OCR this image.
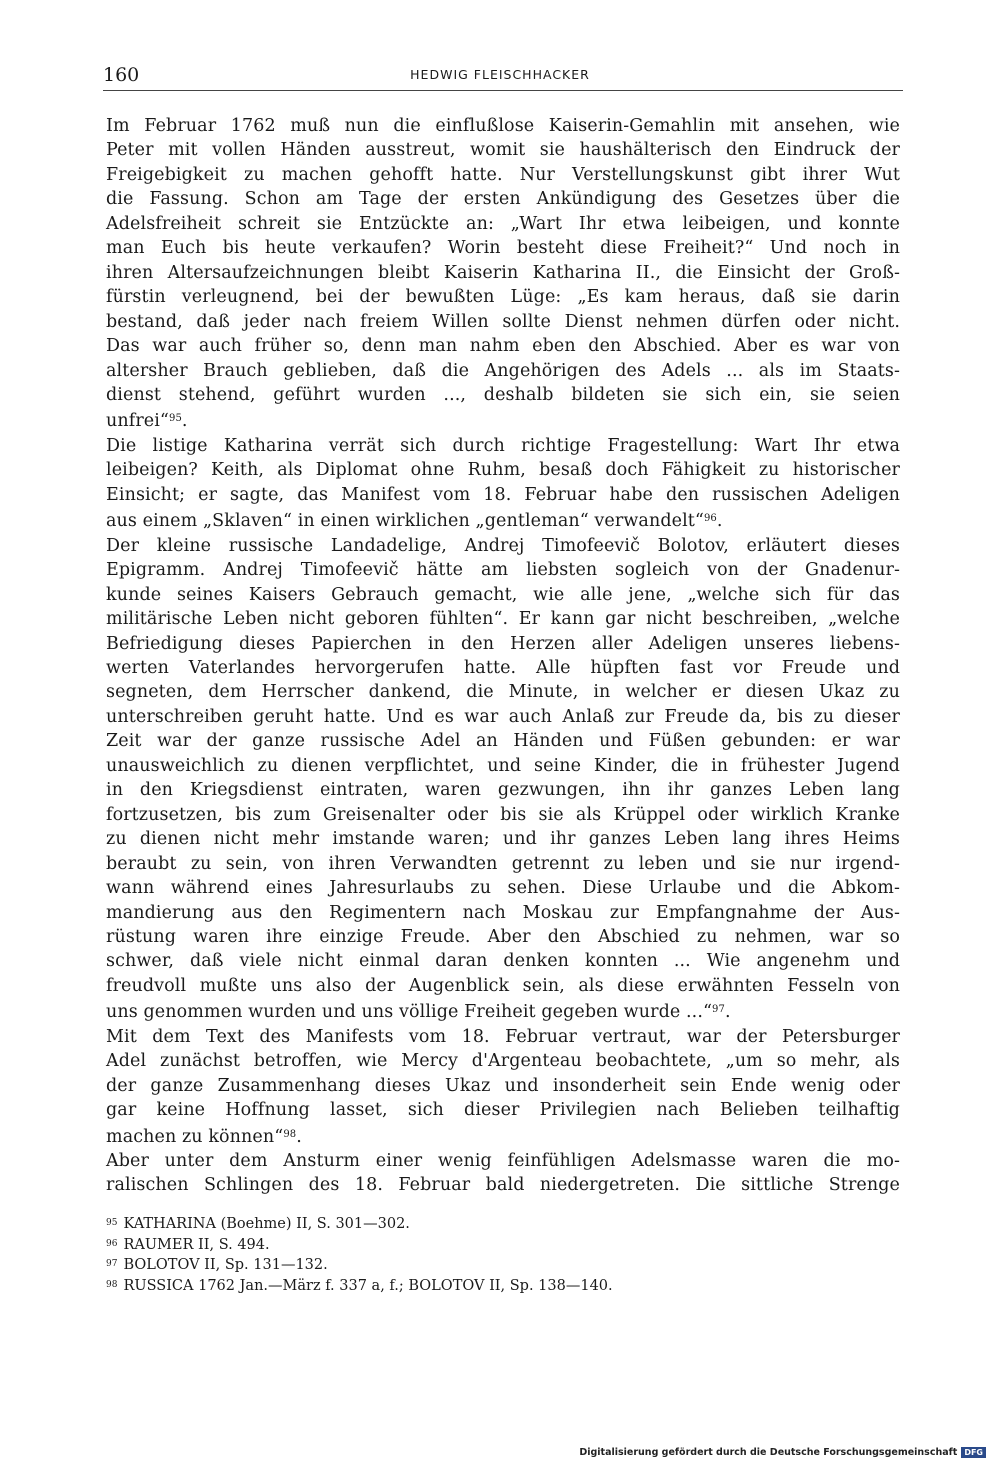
160	HEDWIG FLEISCHHACKER
Im Februar 1762 muß nun die einflußlose Kaiserin-Gemahlin mit ansehen, wie
Peter mit vollen Händen ausstreut, womit sie haushälterisch den Eindruck der
Freigebigkeit zu machen gehofft hatte. Nur Verstellungskunst gibt ihrer Wut
die Fassung. Schon am Tage der ersten Ankündigung des Gesetzes über die
Adelsfreiheit schreit sie Entzückte an: „Wart Ihr etwa leibeigen, und konnte
man Euch bis heute verkaufen? Worin besteht diese Freiheit?“ Und noch in
ihren Altersaufzeichnungen bleibt Kaiserin Katharina II., die Einsicht der Groß-
fürstin verleugnend, bei der bewußten Lüge: „Es kam heraus, daß sie darin
bestand, daß jeder nach freiem Willen sollte Dienst nehmen dürfen oder nicht.
Das war auch früher so, denn man nahm eben den Abschied. Aber es war von
altersher Brauch geblieben, daß die Angehörigen des Adels ... als im Staats-
dienst stehend, geführt wurden ..., deshalb bildeten sie sich ein, sie seien
unfrei“$^{95}$.
Die listige Katharina verrät sich durch richtige Fragestellung: Wart Ihr etwa
leibeigen? Keith, als Diplomat ohne Ruhm, besaß doch Fähigkeit zu historischer
Einsicht; er sagte, das Manifest vom 18. Februar habe den russischen Adeligen
aus einem „Sklaven“ in einen wirklichen „gentleman“ verwandelt“$^{96}$.
Der kleine russische Landadelige, Andrej Timofeevič Bolotov, erläutert dieses
Epigramm. Andrej Timofeevič hätte am liebsten sogleich von der Gnadenur-
kunde seines Kaisers Gebrauch gemacht, wie alle jene, „welche sich für das
militärische Leben nicht geboren fühlten“. Er kann gar nicht beschreiben, „welche
Befriedigung dieses Papierchen in den Herzen aller Adeligen unseres liebens-
werten Vaterlandes hervorgerufen hatte. Alle hüpften fast vor Freude und
segneten, dem Herrscher dankend, die Minute, in welcher er diesen Ukaz zu
unterschreiben geruht hatte. Und es war auch Anlaß zur Freude da, bis zu dieser
Zeit war der ganze russische Adel an Händen und Füßen gebunden: er war
unausweichlich zu dienen verpflichtet, und seine Kinder, die in frühester Jugend
in den Kriegsdienst eintraten, waren gezwungen, ihn ihr ganzes Leben lang
fortzusetzen, bis zum Greisenalter oder bis sie als Krüppel oder wirklich Kranke
zu dienen nicht mehr imstande waren; und ihr ganzes Leben lang ihres Heims
beraubt zu sein, von ihren Verwandten getrennt zu leben und sie nur irgend-
wann während eines Jahresurlaubs zu sehen. Diese Urlaube und die Abkom-
mandierung aus den Regimentern nach Moskau zur Empfangnahme der Aus-
rüstung waren ihre einzige Freude. Aber den Abschied zu nehmen, war so
schwer, daß viele nicht einmal daran denken konnten ... Wie angenehm und
freudvoll mußte uns also der Augenblick sein, als diese erwähnten Fesseln von
uns genommen wurden und uns völlige Freiheit gegeben wurde ...“$^{97}$.
Mit dem Text des Manifests vom 18. Februar vertraut, war der Petersburger
Adel zunächst betroffen, wie Mercy d'Argenteau beobachtete, „um so mehr, als
der ganze Zusammenhang dieses Ukaz und insonderheit sein Ende wenig oder
gar keine Hoffnung lasset, sich dieser Privilegien nach Belieben teilhaftig
machen zu können“$^{98}$.
Aber unter dem Ansturm einer wenig feinfühligen Adelsmasse waren die mo-
ralischen Schlingen des 18. Februar bald niedergetreten. Die sittliche Strenge
$^{95}$ KATHARINA (Boehme) II, S. 301—302.
$^{96}$ RAUMER II, S. 494.
$^{97}$ BOLOTOV II, Sp. 131—132.
$^{98}$ RUSSICA 1762 Jan.—März f. 337 a, f.; BOLOTOV II, Sp. 138—140.
Digitalisierung gefördert durch die Deutsche Forschungsgemeinschaft DFG
